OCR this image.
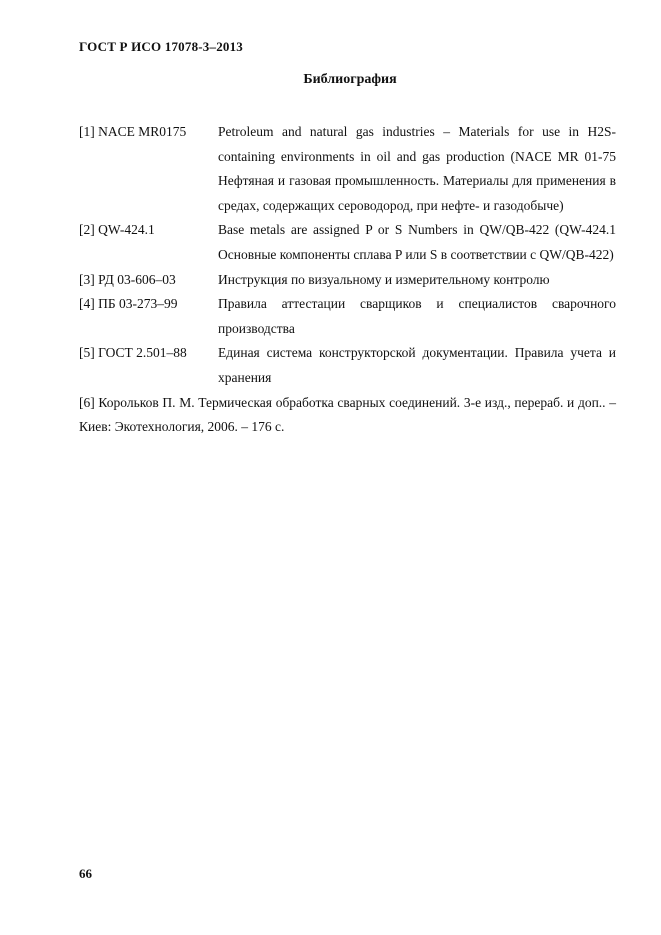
ГОСТ Р ИСО 17078-3–2013
Библиография
[1] NACE MR0175	Petroleum and natural gas industries – Materials for use in H2S-containing environments in oil and gas production (NACE MR 01-75 Нефтяная и газовая промышленность. Материалы для применения в средах, содержащих сероводород, при нефте- и газодобыче)
[2] QW-424.1	Base metals are assigned P or S Numbers in QW/QB-422 (QW-424.1 Основные компоненты сплава P или S в соответствии с QW/QB-422)
[3] РД 03-606–03	Инструкция по визуальному и измерительному контролю
[4] ПБ 03-273–99	Правила аттестации сварщиков и специалистов сварочного производства
[5] ГОСТ 2.501–88	Единая система конструкторской документации. Правила учета и хранения
[6] Корольков П. М. Термическая обработка сварных соединений. 3-е изд., перераб. и доп.. – Киев: Экотехнология, 2006. – 176 с.
66
